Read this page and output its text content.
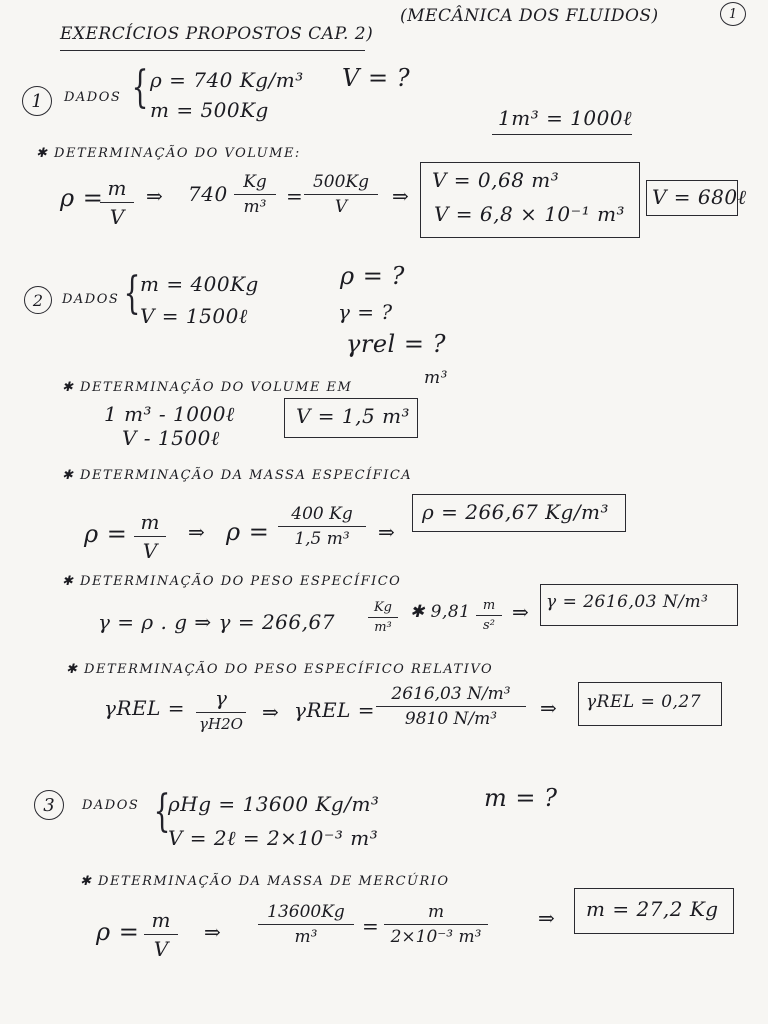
EXERCÍCIOS PROPOSTOS CAP. 2)
(MECÂNICA DOS FLUIDOS)	1
1 DADOS { ρ = 740 Kg/m³
m = 500Kg
V = ?
1m³ = 1000ℓ
✱ DETERMINAÇÃO DO VOLUME:
ρ = m
V
⇒ 740 Kg
m³ =
500Kg
V ⇒
V = 0,68 m³
V = 6,8 × 10⁻¹ m³
V = 680ℓ
2 DADOS { m = 400Kg
V = 1500ℓ
ρ = ?
γ = ?
γrel = ?
✱ DETERMINAÇÃO DO VOLUME EM	m³
1 m³ - 1000ℓ
V - 1500ℓ
V = 1,5 m³
✱ DETERMINAÇÃO DA MASSA ESPECÍFICA
ρ = m
V
⇒ ρ =
400 Kg
1,5 m³ ⇒
ρ = 266,67 Kg/m³
✱ DETERMINAÇÃO DO PESO ESPECÍFICO
γ = ρ . g ⇒ γ = 266,67
Kg
m³
✱ 9,81 m
s²
⇒ γ = 2616,03 N/m³
✱ DETERMINAÇÃO DO PESO ESPECÍFICO RELATIVO
γREL = γ
γH2O ⇒ γREL =
2616,03 N/m³
9810 N/m³ ⇒ γREL = 0,27
3 DADOS {
ρHg = 13600 Kg/m³
V = 2ℓ = 2×10⁻³ m³
m = ?
✱ DETERMINAÇÃO DA MASSA DE MERCÚRIO
ρ = m
V
⇒
13600Kg
m³ =
m
2×10⁻³ m³
⇒ m = 27,2 Kg
